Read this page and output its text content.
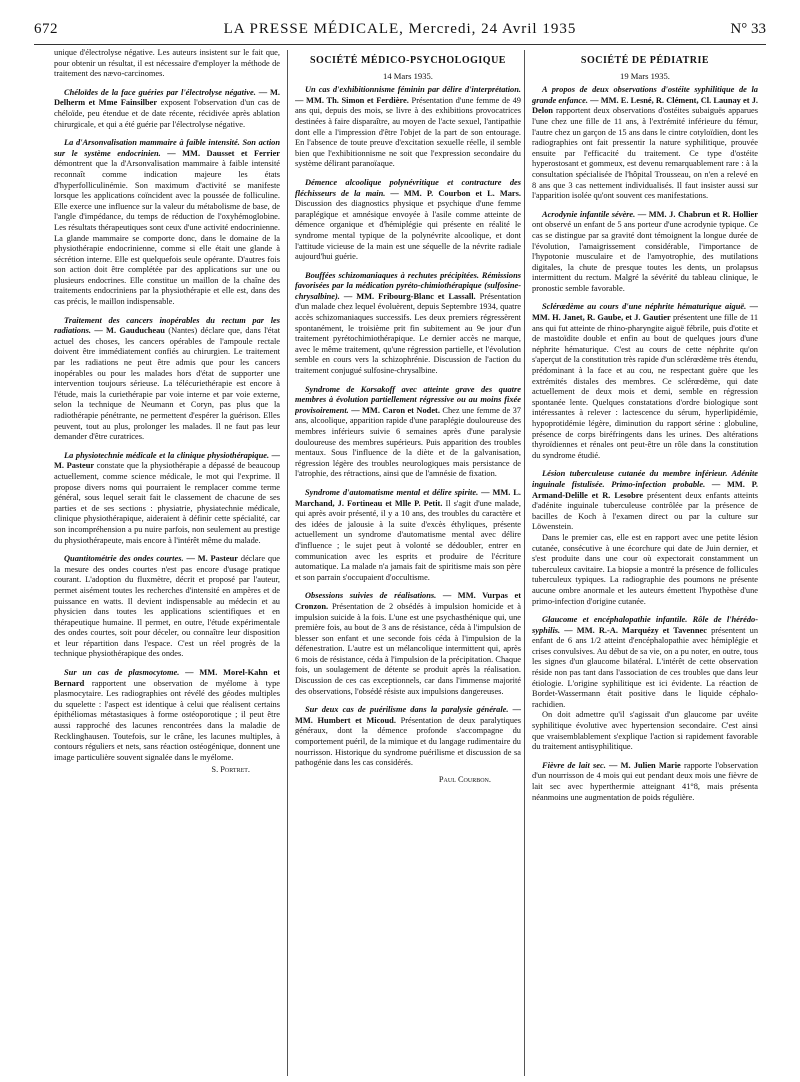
672	LA PRESSE MÉDICALE, Mercredi, 24 Avril 1935	N° 33

unique d'électrolyse négative. Les auteurs insistent sur le fait que, pour obtenir un résultat, il est nécessaire d'employer la méthode de traitement des nævo-carcinomes.

Chéloïdes de la face guéries par l'électrolyse négative. — M. Delherm et Mme Fainsilber exposent l'observation d'un cas de chéloïde, peu étendue et de date récente, récidivée après ablation chirurgicale, et qui a été guérie par l'électrolyse négative.

La d'Arsonvalisation mammaire à faible intensité. Son action sur le système endocrinien. — MM. Dausset et Ferrier démontrent que la d'Arsonvalisation mammaire à faible intensité reconnaît comme indication majeure les états d'hyperfolliculinémie. Son maximum d'activité se manifeste lorsque les applications coïncident avec la poussée de folliculine. Elle exerce une influence sur la valeur du métabolisme de base, de l'angle d'impédance, du temps de réduction de l'oxyhémoglobine. Les résultats thérapeutiques sont ceux d'une activité endocrinienne. La glande mammaire se comporte donc, dans le domaine de la physiothérapie endocrinienne, comme si elle était une glande à sécrétion interne. Elle est quelquefois seule opérante. D'autres fois son action doit être complétée par des applications sur une ou plusieurs endocrines. Elle constitue un maillon de la chaîne des traitements endocriniens par la physiothérapie et elle est, dans des cas précis, le maillon indispensable.

Traitement des cancers inopérables du rectum par les radiations. — M. Gauducheau (Nantes) déclare que, dans l'état actuel des choses, les cancers opérables de l'ampoule rectale doivent être immédiatement confiés au chirurgien. Le traitement par les radiations ne peut être admis que pour les cancers inopérables ou pour les malades hors d'état de supporter une intervention toujours sérieuse. La télécuriethérapie est encore à l'étude, mais la curiethérapie par voie interne et par voie externe, selon la technique de Neumann et Coryn, pas plus que la radiothérapie pénétrante, ne permettent d'espérer la guérison. Elles peuvent, tout au plus, prolonger les malades. Il ne faut pas leur demander d'être curatrices.

La physiotechnie médicale et la clinique physiothérapique. — M. Pasteur constate que la physiothérapie a dépassé de beaucoup actuellement, comme science médicale, le mot qui l'exprime. Il propose divers noms qui pourraient le remplacer comme terme général, sous lequel serait fait le classement de chacune de ses parties et de ses sections : physiatrie, physiatechnie médicale, clinique physiothérapique, aideraient à définir cette spécialité, car son incompréhension a pu nuire parfois, non seulement au prestige du physiothérapeute, mais encore à l'intérêt même du malade.

Quantitométrie des ondes courtes. — M. Pasteur déclare que la mesure des ondes courtes n'est pas encore d'usage pratique courant. L'adoption du fluxmètre, décrit et proposé par l'auteur, permet aisément toutes les recherches d'intensité en ampères et de puissance en watts. Il devient indispensable au médecin et au physicien dans toutes les applications scientifiques et en thérapeutique humaine. Il permet, en outre, l'étude expérimentale des ondes courtes, soit pour déceler, ou connaître leur disposition et leur répartition dans l'espace. C'est un réel progrès de la technique physiothérapique des ondes.

Sur un cas de plasmocytome. — MM. Morel-Kahn et Bernard rapportent une observation de myélome à type plasmocytaire. Les radiographies ont révélé des géodes multiples du squelette : l'aspect est identique à celui que réalisent certains épithéliomas métastasiques à forme ostéoporotique ; il peut être aussi rapproché des lacunes rencontrées dans la maladie de Recklinghausen. Toutefois, sur le crâne, les lacunes multiples, à contours réguliers et nets, sans réaction ostéogénique, donnent une image particulière souvent signalée dans le myélome.

S. Portret.
SOCIÉTÉ MÉDICO-PSYCHOLOGIQUE
14 Mars 1935.

Un cas d'exhibitionnisme féminin par délire d'interprétation. — MM. Th. Simon et Ferdière. Présentation d'une femme de 49 ans qui, depuis des mois, se livre à des exhibitions provocatrices destinées à faire disparaître, au moyen de l'acte sexuel, l'antipathie dont elle a l'impression d'être l'objet de la part de son entourage. En l'absence de toute preuve d'excitation sexuelle réelle, il semble bien que l'exhibitionnisme ne soit que l'expression secondaire du système délirant paranoïaque.

Démence alcoolique polynévritique et contracture des fléchisseurs de la main. — MM. P. Courbon et L. Mars. Discussion des diagnostics physique et psychique d'une femme paraplégique et amnésique envoyée à l'asile comme atteinte de démence organique et d'hémiplégie qui présente en réalité le syndrome mental typique de la polynévrite alcoolique, et dont l'attitude vicieuse de la main est une séquelle de la névrite radiale aujourd'hui guérie.

Bouffées schizomaniaques à rechutes précipitées. Rémissions favorisées par la médication pyréto-chimiothérapique (sulfosine-chrysalbine). — MM. Fribourg-Blanc et Lassall. Présentation d'un malade chez lequel évoluèrent, depuis Septembre 1934, quatre accès schizomaniaques successifs. Les deux premiers régressèrent spontanément, le troisième prit fin subitement au 9e jour d'un traitement pyrétochimiothérapique. Le dernier accès ne marque, avec le même traitement, qu'une régression partielle, et l'évolution semble en cours vers la schizophrénie. Discussion de l'action du traitement conjugué sulfosine-chrysalbine.

Syndrome de Korsakoff avec atteinte grave des quatre membres à évolution partiellement régressive ou au moins fixée provisoirement. — MM. Caron et Nodet. Chez une femme de 37 ans, alcoolique, apparition rapide d'une paraplégie douloureuse des membres inférieurs suivie 6 semaines après d'une paralysie douloureuse des membres supérieurs. Puis apparition des troubles mentaux. Sous l'influence de la diète et de la galvanisation, régression légère des troubles neurologiques mais persistance de l'atrophie, des rétractions, ainsi que de l'amnésie de fixation.

Syndrome d'automatisme mental et délire spirite. — MM. L. Marchand, J. Fortineau et Mlle P. Petit. Il s'agit d'une malade, qui après avoir présenté, il y a 10 ans, des troubles du caractère et des idées de jalousie à la suite d'excès éthyliques, présente actuellement un syndrome d'automatisme mental avec délire d'influence ; le sujet peut à volonté se dédoubler, entrer en communication avec les esprits et produire de l'écriture automatique. La malade n'a jamais fait de spiritisme mais son père et son parrain s'occupaient d'occultisme.

Obsessions suivies de réalisations. — MM. Vurpas et Cronzon. Présentation de 2 obsédés à impulsion homicide et à impulsion suicide à la fois. L'une est une psychasthénique qui, une première fois, au bout de 3 ans de résistance, céda à l'impulsion de blesser son enfant et une seconde fois céda à l'impulsion de la défenestration. L'autre est un mélancolique intermittent qui, après 6 mois de résistance, céda à l'impulsion de la précipitation. Chaque fois, un soulagement de détente se produit après la réalisation. Discussion de ces cas exceptionnels, car dans l'immense majorité des observations, l'obsédé résiste aux impulsions dangereuses.

Sur deux cas de puérilisme dans la paralysie générale. — MM. Humbert et Micoud. Présentation de deux paralytiques généraux, dont la démence profonde s'accompagne du comportement puéril, de la mimique et du langage rudimentaire du nourrisson. Historique du syndrome puérilisme et discussion de sa pathogénie dans les cas considérés.

Paul Courbon.
SOCIÉTÉ DE PÉDIATRIE
19 Mars 1935.

A propos de deux observations d'ostéite syphilitique de la grande enfance. — MM. E. Lesné, R. Clément, Cl. Launay et J. Delon rapportent deux observations d'ostéites subaiguës apparues l'une chez une fille de 11 ans, à l'extrémité inférieure du fémur, l'autre chez un garçon de 15 ans dans le cintre cotyloïdien, dont les radiographies ont fait pressentir la nature syphilitique, prouvée ensuite par l'efficacité du traitement. Ce type d'ostéite hyperostosant et gommeux, est devenu remarquablement rare : à la consultation spécialisée de l'hôpital Trousseau, on n'en a relevé en 8 ans que 3 cas nettement individualisés. Il faut insister aussi sur l'apparition isolée qu'ont souvent ces manifestations.

Acrodynie infantile sévère. — MM. J. Chabrun et R. Hollier ont observé un enfant de 5 ans porteur d'une acrodynie typique. Ce cas se distingue par sa gravité dont témoignent la longue durée de l'évolution, l'amaigrissement considérable, l'importance de l'hypotonie musculaire et de l'amyotrophie, des mutilations digitales, la chute de presque toutes les dents, un prolapsus intermittent du rectum. Malgré la sévérité du tableau clinique, le pronostic semble favorable.

Sclérœdème au cours d'une néphrite hématurique aiguë. — MM. H. Janet, R. Gaube, et J. Gautier présentent une fille de 11 ans qui fut atteinte de rhino-pharyngite aiguë fébrile, puis d'otite et de mastoïdite double et enfin au bout de quelques jours d'une néphrite hématurique. C'est au cours de cette néphrite qu'on s'aperçut de la constitution très rapide d'un sclérœdème très étendu, prédominant à la face et au cou, ne respectant guère que les extrémités distales des membres. Ce sclérœdème, qui date actuellement de deux mois et demi, semble en régression spontanée lente. Quelques constatations d'ordre biologique sont intéressantes à relever : lactescence du sérum, hyperlipidémie, hypoprotidémie légère, diminution du rapport sérine : globuline, présence de corps biréfringents dans les urines. Des altérations thyroïdiennes et rénales ont peut-être un rôle dans la constitution du syndrome étudié.

Lésion tuberculeuse cutanée du membre inférieur. Adénite inguinale fistulisée. Primo-infection probable. — MM. P. Armand-Delille et R. Lesobre présentent deux enfants atteints d'adénite inguinale tuberculeuse contrôlée par la présence de bacilles de Koch à l'examen direct ou par la culture sur Löwenstein.

Dans le premier cas, elle est en rapport avec une petite lésion cutanée, consécutive à une écorchure qui date de Juin dernier, et s'est produite dans une cour où expectorait constamment un tuberculeux cavitaire. La biopsie a montré la présence de follicules tuberculeux typiques. La radiographie des poumons ne présente aucune ombre anormale et les auteurs émettent l'hypothèse d'une primo-infection d'origine cutanée.

Glaucome et encéphalopathie infantile. Rôle de l'hérédo-syphilis. — MM. R.-A. Marquézy et Tavennec présentent un enfant de 6 ans 1/2 atteint d'encéphalopathie avec hémiplégie et crises convulsives. Au début de sa vie, on a pu noter, en outre, tous les signes d'un glaucome bilatéral. L'intérêt de cette observation réside non pas tant dans l'association de ces troubles que dans leur étiologie. L'origine syphilitique est ici évidente. La réaction de Bordet-Wassermann était positive dans le liquide céphalo-rachidien.

On doit admettre qu'il s'agissait d'un glaucome par uvéite syphilitique évolutive avec hypertension secondaire. C'est ainsi que vraisemblablement s'explique l'action si rapidement favorable du traitement antisyphilitique.

Fièvre de lait sec. — M. Julien Marie rapporte l'observation d'un nourrisson de 4 mois qui eut pendant deux mois une fièvre de lait sec avec hyperthermie atteignant 41°8, mais présenta néanmoins une augmentation de poids régulière.
